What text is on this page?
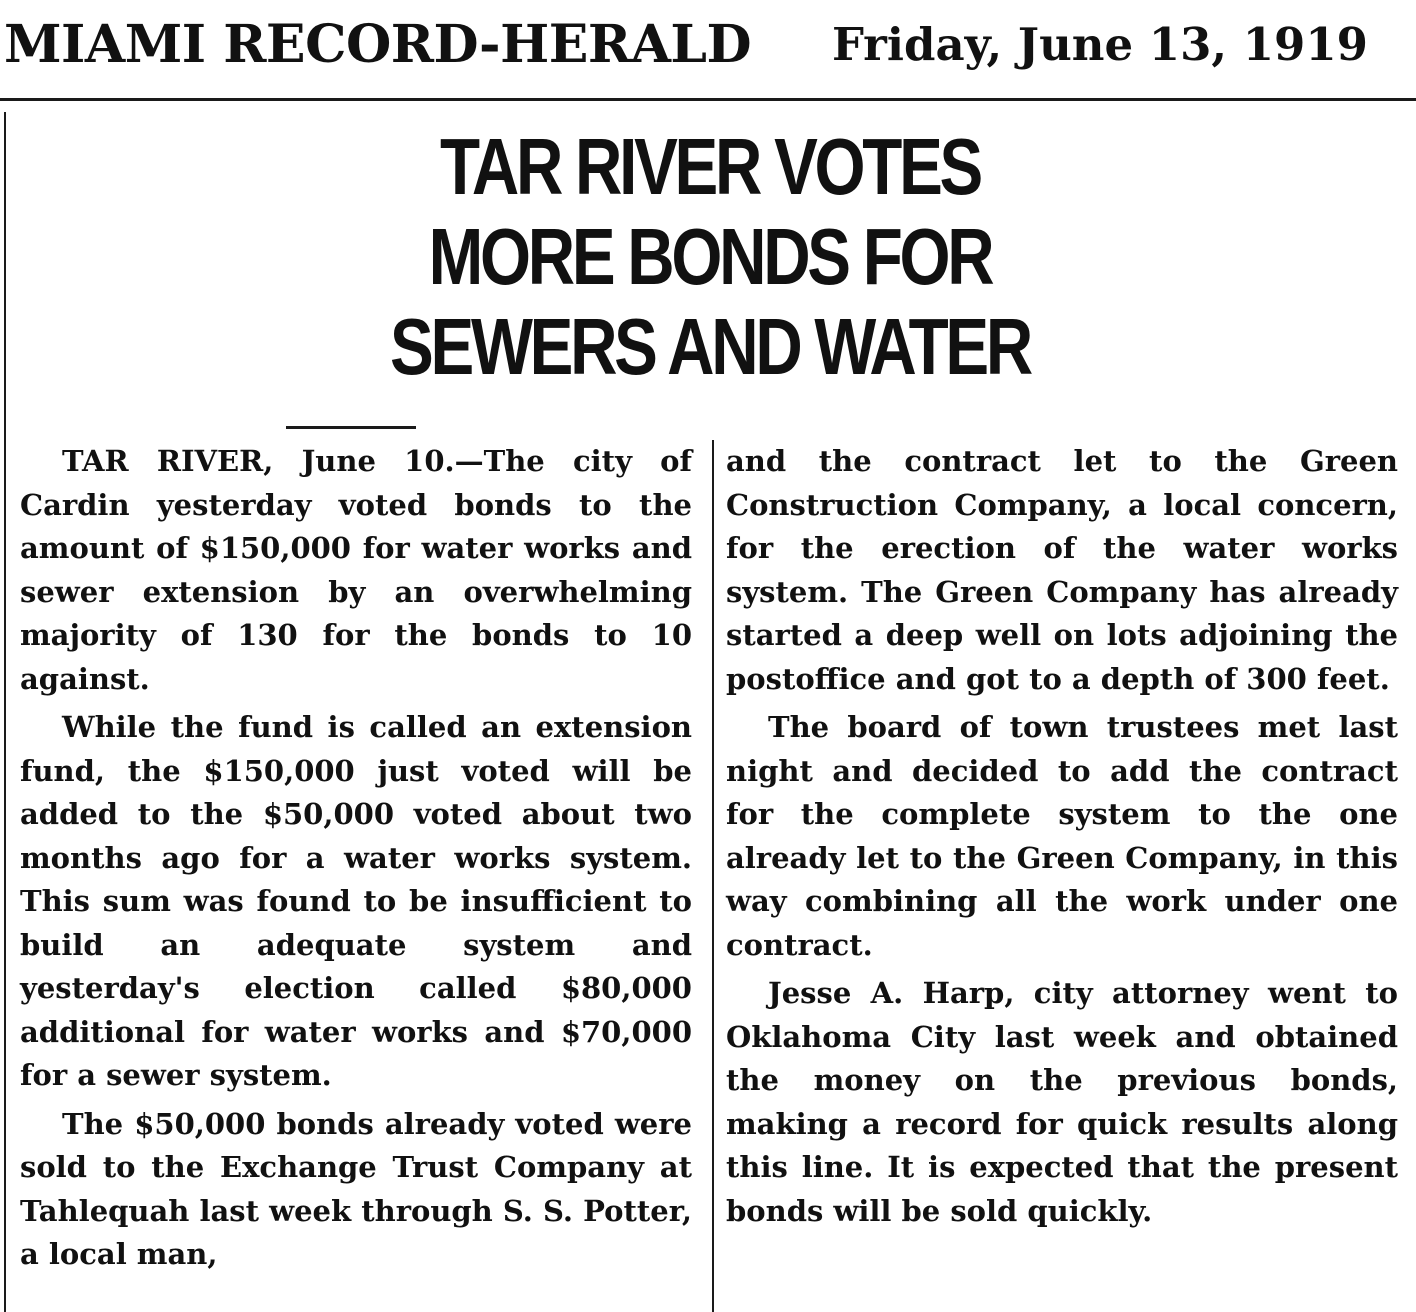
MIAMI RECORD-HERALD Friday, June 13, 1919
TAR RIVER VOTES
MORE BONDS FOR
SEWERS AND WATER

TAR RIVER, June 10.—The city of Cardin yesterday voted bonds to the amount of $150,000 for water works and sewer extension by an overwhelming majority of 130 for the bonds to 10 against.

While the fund is called an extension fund, the $150,000 just voted will be added to the $50,000 voted about two months ago for a water works system. This sum was found to be insufficient to build an adequate system and yesterday's election called $80,000 additional for water works and $70,000 for a sewer system.

The $50,000 bonds already voted were sold to the Exchange Trust Company at Tahlequah last week through S. S. Potter, a local man,

and the contract let to the Green Construction Company, a local concern, for the erection of the water works system. The Green Company has already started a deep well on lots adjoining the postoffice and got to a depth of 300 feet.

The board of town trustees met last night and decided to add the contract for the complete system to the one already let to the Green Company, in this way combining all the work under one contract.

Jesse A. Harp, city attorney went to Oklahoma City last week and obtained the money on the previous bonds, making a record for quick results along this line. It is expected that the present bonds will be sold quickly.
